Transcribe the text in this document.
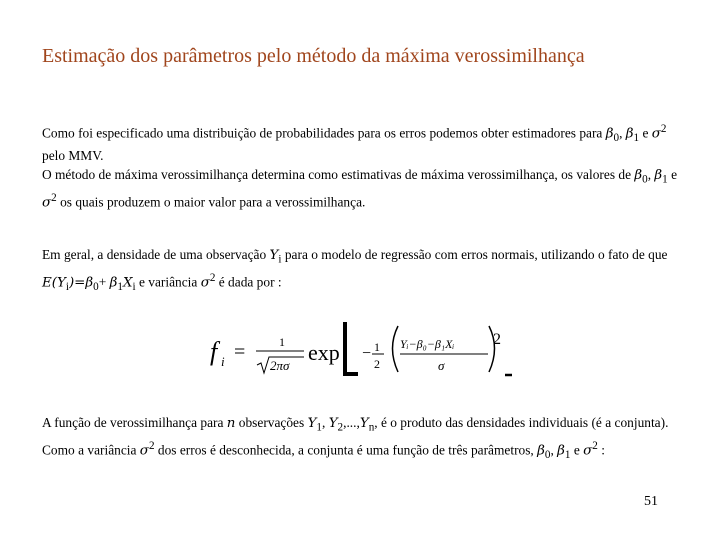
Estimação dos parâmetros pelo método da máxima verossimilhança
Como foi especificado uma distribuição de probabilidades para os erros podemos obter estimadores para $\beta_0$, $\beta_1$ e $\sigma^2$ pelo MMV.
O método de máxima verossimilhança determina como estimativas de máxima verossimilhança, os valores de $\beta_0$, $\beta_1$ e $\sigma^2$ os quais produzem o maior valor para a verossimilhança.
Em geral, a densidade de uma observação $Y_i$ para o modelo de regressão com erros normais, utilizando o fato de que $E(Y_i)=\beta_0+ \beta_1X_i$ e variância $\sigma^2$ é dada por :
f i =	1
2πσ
exp − 1
2
Yᵢ−β₀−β₁Xᵢ
σ
2
A função de verossimilhança para n observações $Y_1$, $Y_2,...,Y_n$, é o produto das densidades individuais (é a conjunta). Como a variância $\sigma^2$ dos erros é desconhecida, a conjunta é uma função de três parâmetros, $\beta_0$, $\beta_1$ e $\sigma^2$ :
51
